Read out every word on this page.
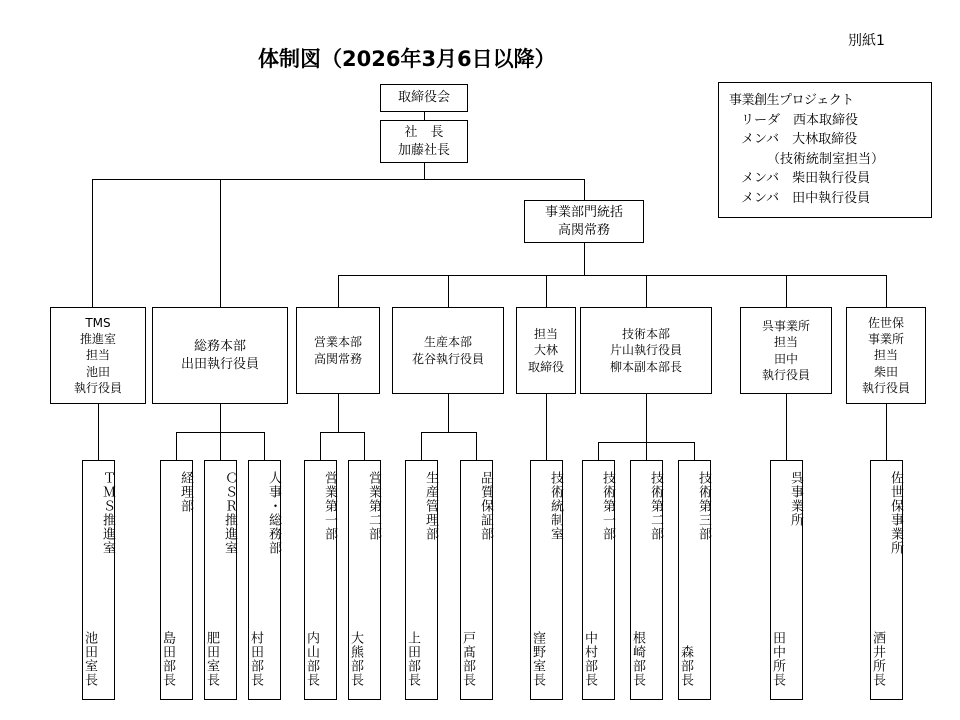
別紙1
体制図（2026年3月6日以降）
事業創生プロジェクト
リーダ　西本取締役
メンバ　大林取締役
（技術統制室担当）
メンバ　柴田執行役員
メンバ　田中執行役員
取締役会
社　長
加藤社長
事業部門統括
高関常務
TMS
推進室
担当
池田
執行役員
総務本部
出田執行役員
営業本部
高関常務
生産本部
花谷執行役員
担当
大林
取締役
技術本部
片山執行役員
柳本副本部長
呉事業所
担当
田中
執行役員
佐世保
事業所
担当
柴田
執行役員
ＴＭＳ推進室
池田室長
経理部
島田部長
ＣＳＲ推進室
肥田室長
人事・総務部
村田部長
営業第一部
内山部長
営業第二部
大熊部長
生産管理部
上田部長
品質保証部
戸髙部長
技術統制室
窪野室長
技術第一部
中村部長
技術第二部
根崎部長
技術第三部
森部長
呉事業所
田中所長
佐世保事業所
酒井所長
